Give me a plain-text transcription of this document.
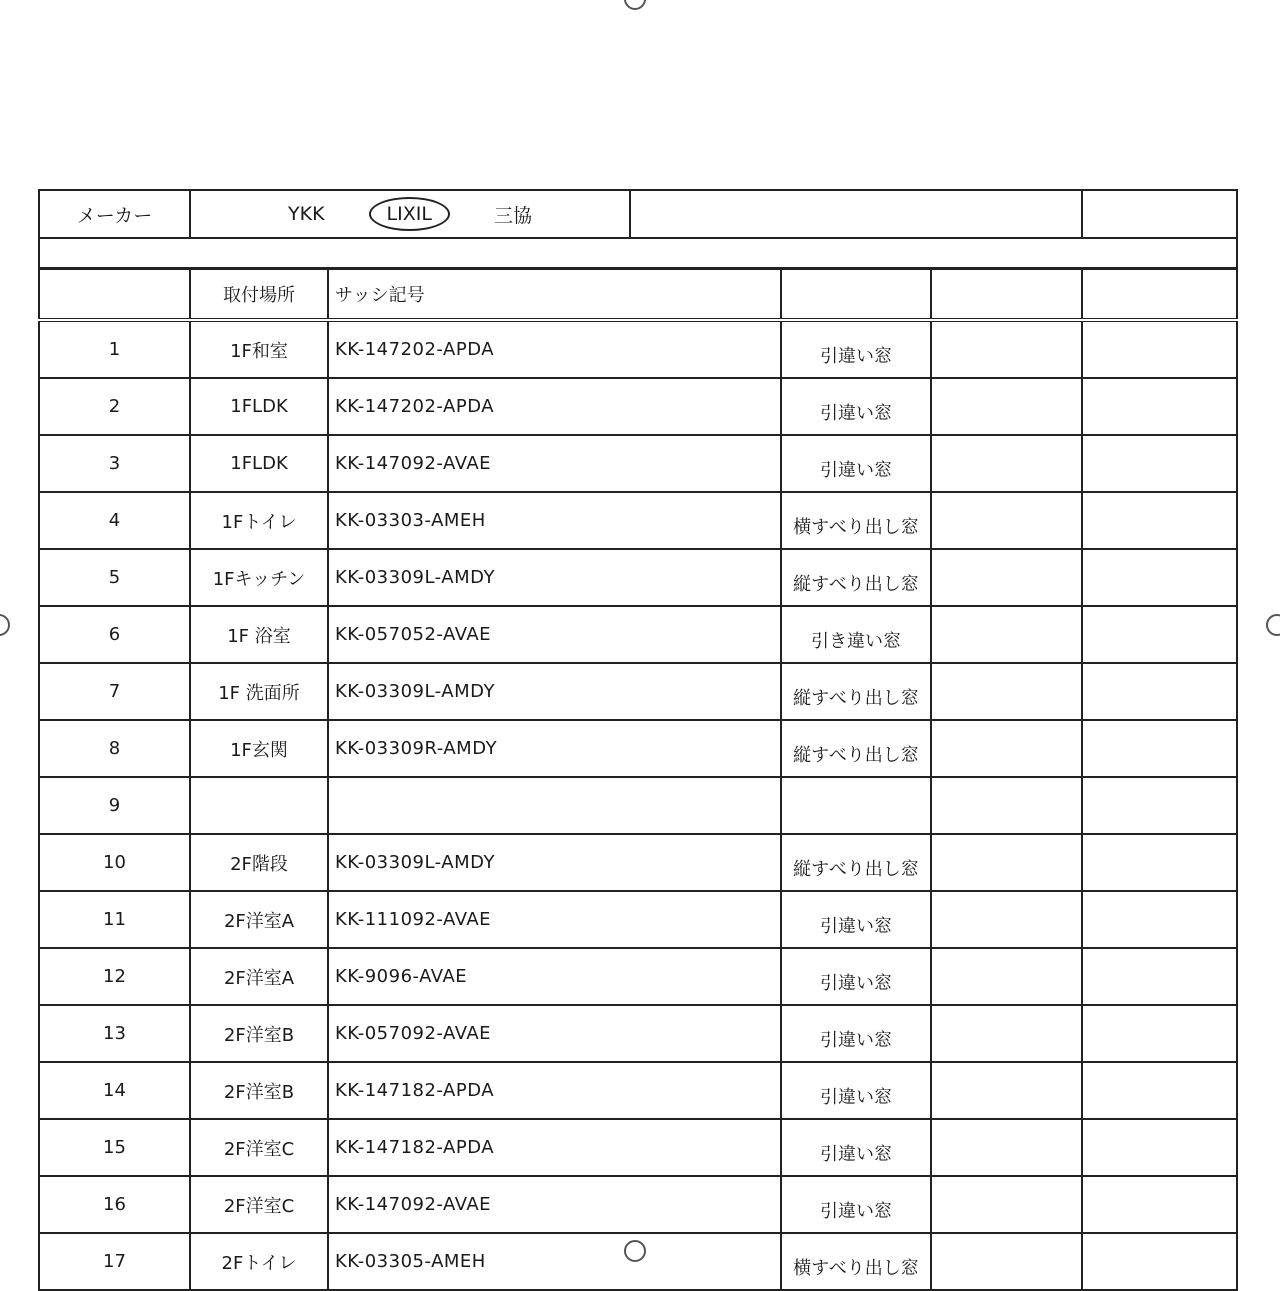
メーカー	YKK	LIXIL	三協

	取付場所	サッシ記号			
1	1F和室	KK-147202-APDA	引違い窓		
2	1FLDK	KK-147202-APDA	引違い窓		
3	1FLDK	KK-147092-AVAE	引違い窓		
4	1Fトイレ	KK-03303-AMEH	横すべり出し窓		
5	1Fキッチン	KK-03309L-AMDY	縦すべり出し窓		
6	1F 浴室	KK-057052-AVAE	引き違い窓		
7	1F 洗面所	KK-03309L-AMDY	縦すべり出し窓		
8	1F玄関	KK-03309R-AMDY	縦すべり出し窓		
9					
10	2F階段	KK-03309L-AMDY	縦すべり出し窓		
11	2F洋室A	KK-111092-AVAE	引違い窓		
12	2F洋室A	KK-9096-AVAE	引違い窓		
13	2F洋室B	KK-057092-AVAE	引違い窓		
14	2F洋室B	KK-147182-APDA	引違い窓		
15	2F洋室C	KK-147182-APDA	引違い窓		
16	2F洋室C	KK-147092-AVAE	引違い窓		
17	2Fトイレ	KK-03305-AMEH	横すべり出し窓		
